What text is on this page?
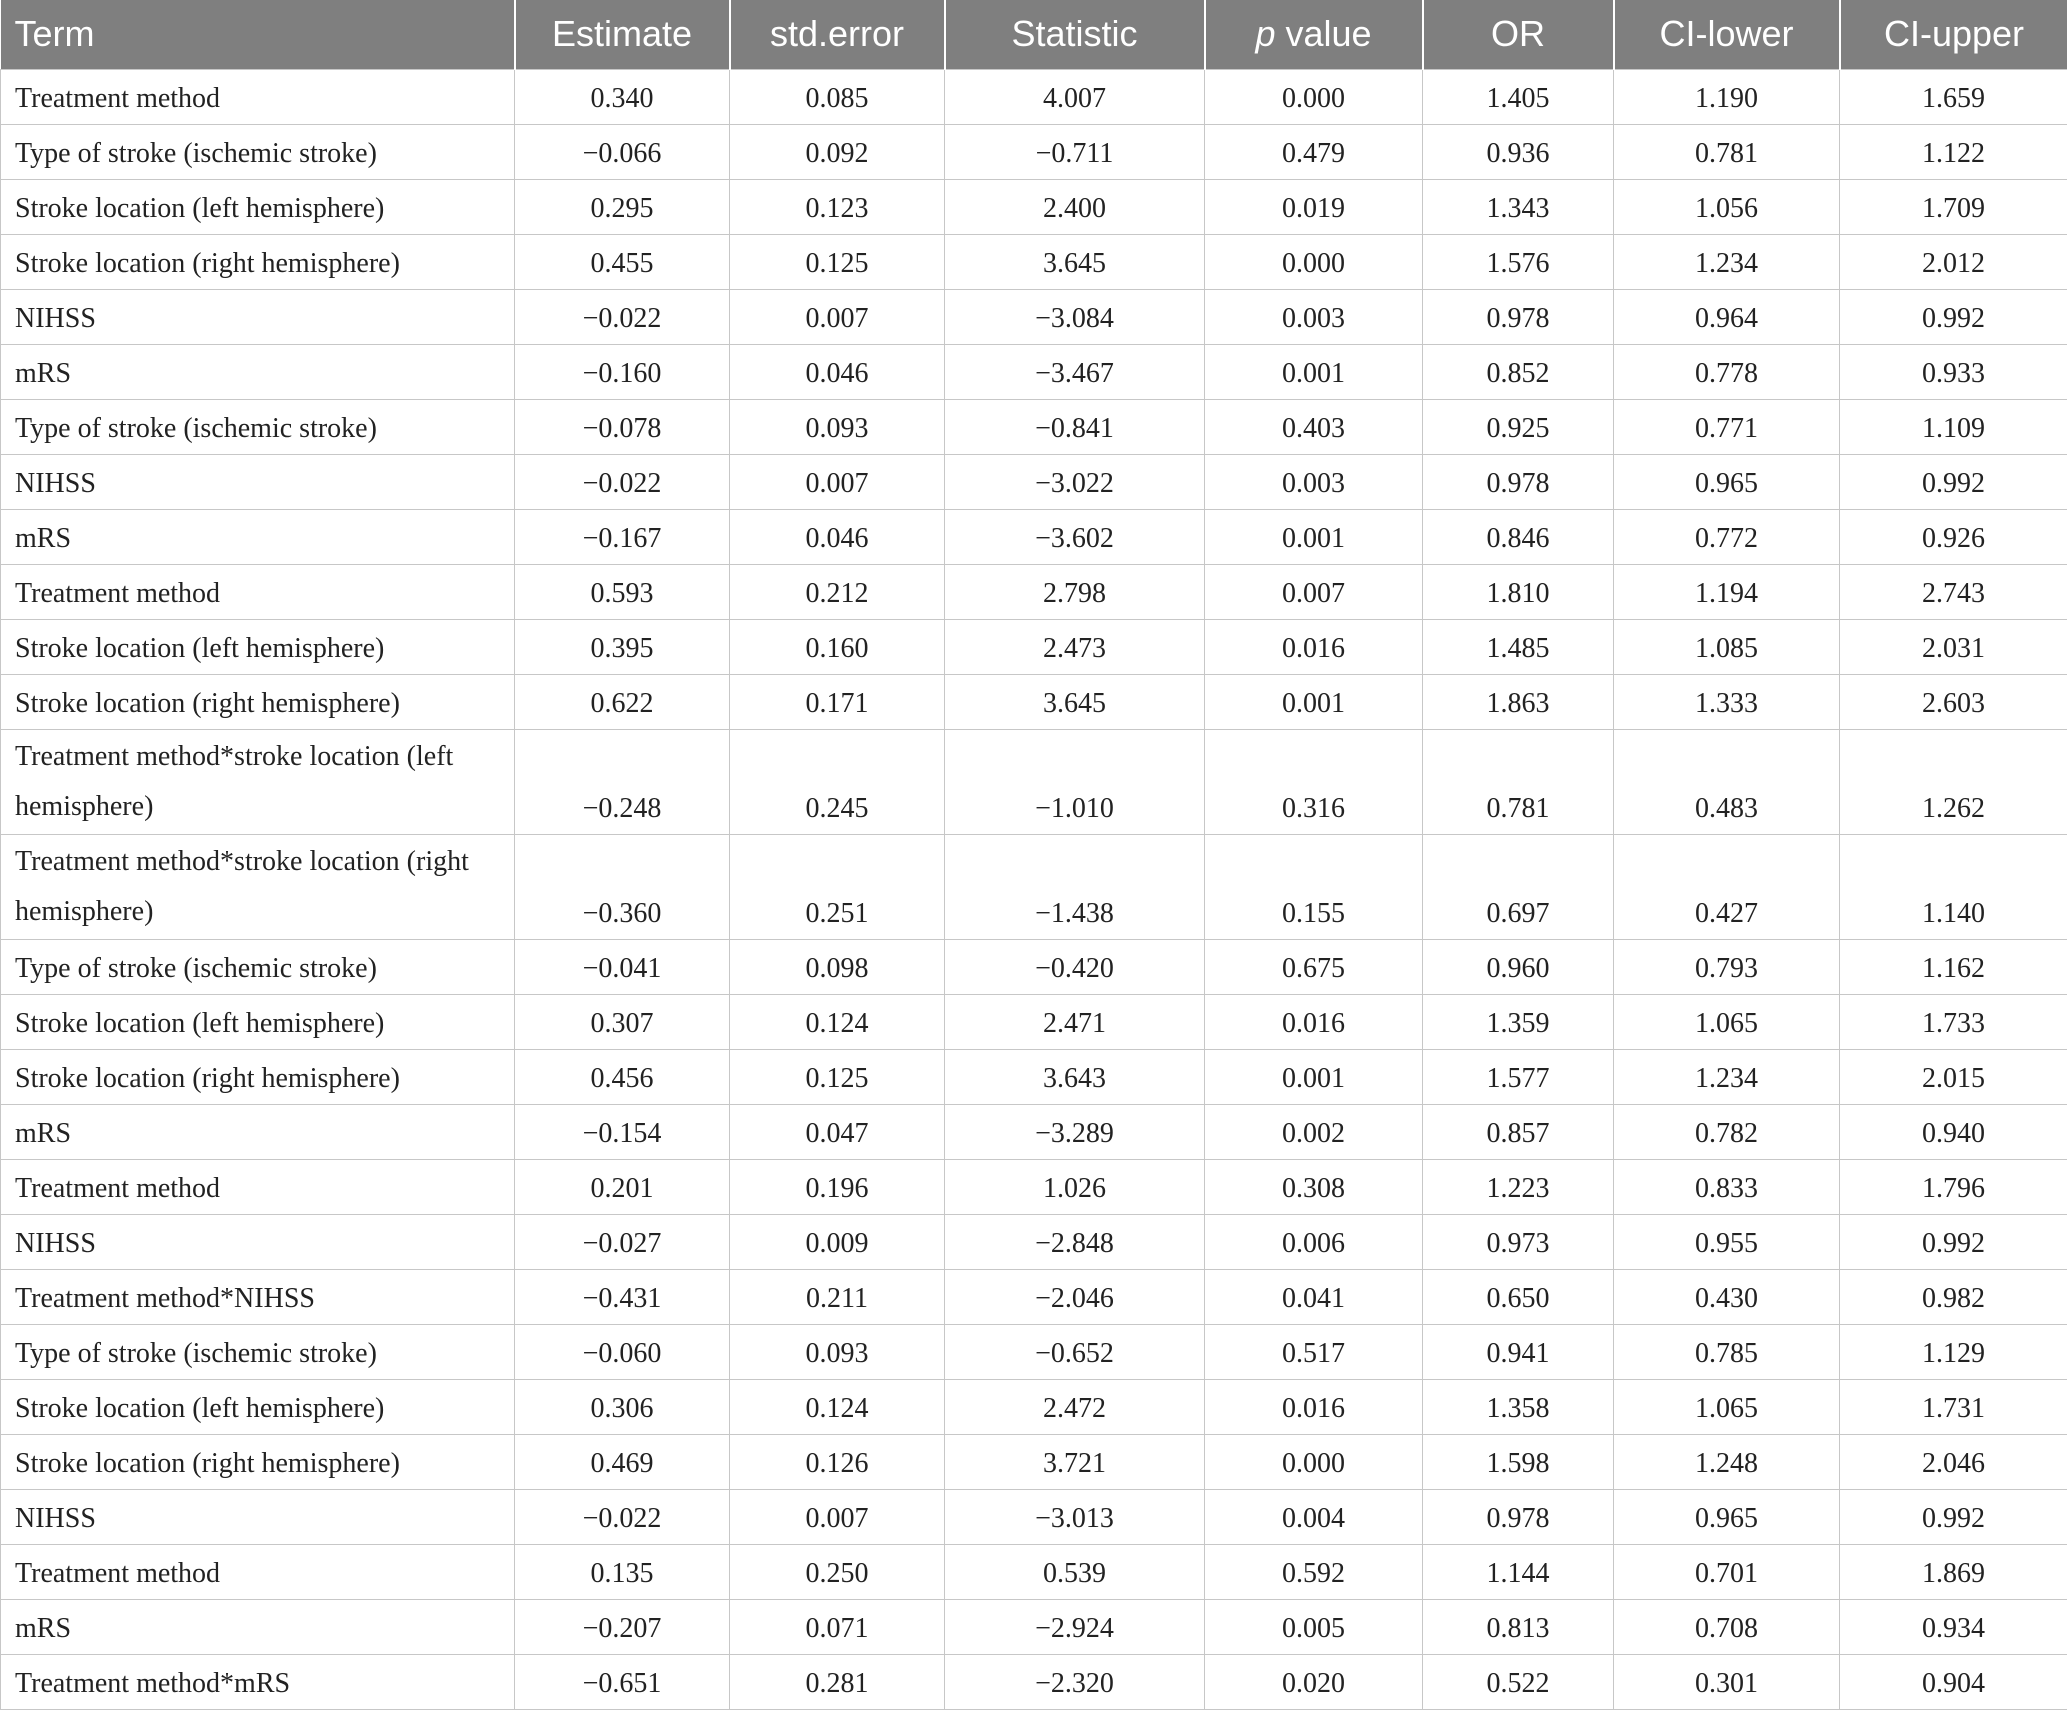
Term	Estimate	std.error	Statistic	p value	OR	CI-lower	CI-upper
Treatment method	0.340	0.085	4.007	0.000	1.405	1.190	1.659
Type of stroke (ischemic stroke)	−0.066	0.092	−0.711	0.479	0.936	0.781	1.122
Stroke location (left hemisphere)	0.295	0.123	2.400	0.019	1.343	1.056	1.709
Stroke location (right hemisphere)	0.455	0.125	3.645	0.000	1.576	1.234	2.012
NIHSS	−0.022	0.007	−3.084	0.003	0.978	0.964	0.992
mRS	−0.160	0.046	−3.467	0.001	0.852	0.778	0.933
Type of stroke (ischemic stroke)	−0.078	0.093	−0.841	0.403	0.925	0.771	1.109
NIHSS	−0.022	0.007	−3.022	0.003	0.978	0.965	0.992
mRS	−0.167	0.046	−3.602	0.001	0.846	0.772	0.926
Treatment method	0.593	0.212	2.798	0.007	1.810	1.194	2.743
Stroke location (left hemisphere)	0.395	0.160	2.473	0.016	1.485	1.085	2.031
Stroke location (right hemisphere)	0.622	0.171	3.645	0.001	1.863	1.333	2.603
Treatment method*stroke location (left hemisphere)	−0.248	0.245	−1.010	0.316	0.781	0.483	1.262
Treatment method*stroke location (right hemisphere)	−0.360	0.251	−1.438	0.155	0.697	0.427	1.140
Type of stroke (ischemic stroke)	−0.041	0.098	−0.420	0.675	0.960	0.793	1.162
Stroke location (left hemisphere)	0.307	0.124	2.471	0.016	1.359	1.065	1.733
Stroke location (right hemisphere)	0.456	0.125	3.643	0.001	1.577	1.234	2.015
mRS	−0.154	0.047	−3.289	0.002	0.857	0.782	0.940
Treatment method	0.201	0.196	1.026	0.308	1.223	0.833	1.796
NIHSS	−0.027	0.009	−2.848	0.006	0.973	0.955	0.992
Treatment method*NIHSS	−0.431	0.211	−2.046	0.041	0.650	0.430	0.982
Type of stroke (ischemic stroke)	−0.060	0.093	−0.652	0.517	0.941	0.785	1.129
Stroke location (left hemisphere)	0.306	0.124	2.472	0.016	1.358	1.065	1.731
Stroke location (right hemisphere)	0.469	0.126	3.721	0.000	1.598	1.248	2.046
NIHSS	−0.022	0.007	−3.013	0.004	0.978	0.965	0.992
Treatment method	0.135	0.250	0.539	0.592	1.144	0.701	1.869
mRS	−0.207	0.071	−2.924	0.005	0.813	0.708	0.934
Treatment method*mRS	−0.651	0.281	−2.320	0.020	0.522	0.301	0.904
